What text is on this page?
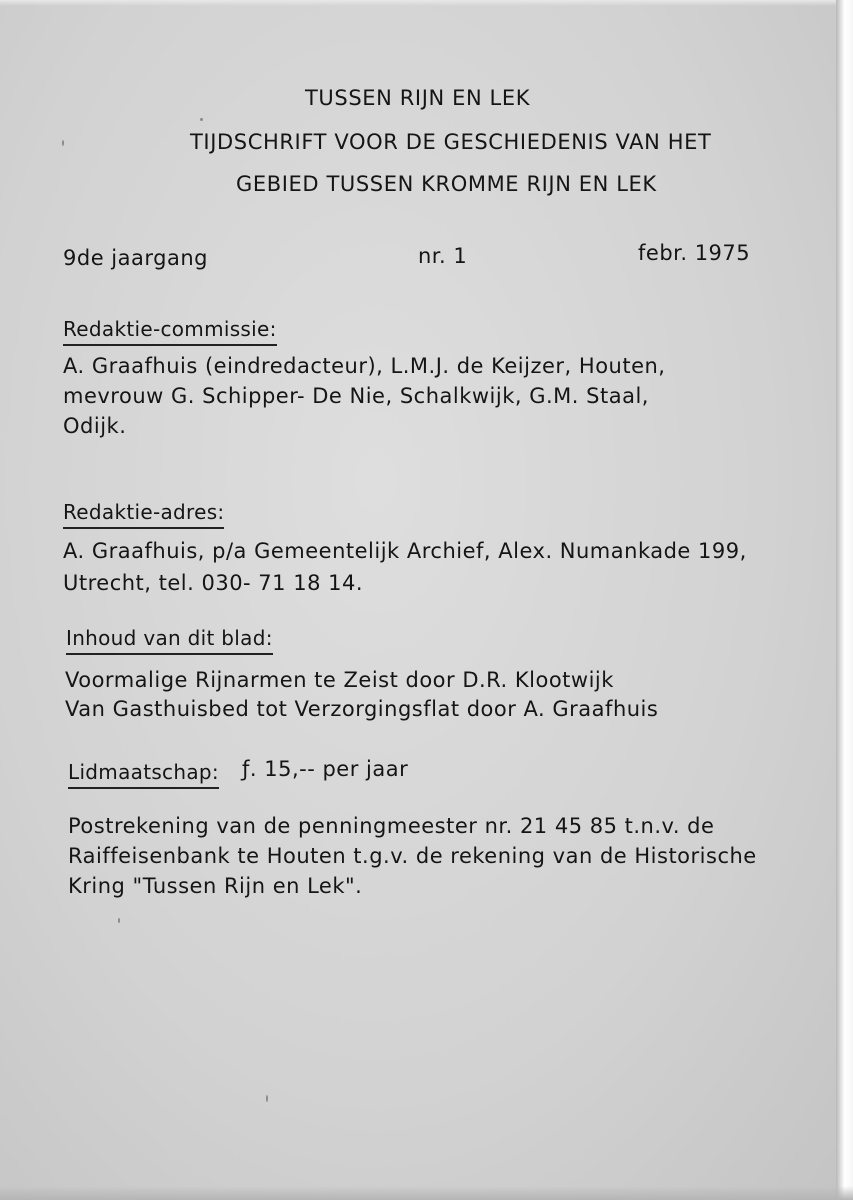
TUSSEN RIJN EN LEK
TIJDSCHRIFT VOOR DE GESCHIEDENIS VAN HET
GEBIED TUSSEN KROMME RIJN EN LEK
9de jaargang	nr. 1	febr. 1975
Redaktie-commissie:
A. Graafhuis (eindredacteur), L.M.J. de Keijzer, Houten,
mevrouw G. Schipper- De Nie, Schalkwijk, G.M. Staal,
Odijk.
Redaktie-adres:
A. Graafhuis, p/a Gemeentelijk Archief, Alex. Numankade 199,
Utrecht, tel. 030- 71 18 14.
Inhoud van dit blad:
Voormalige Rijnarmen te Zeist door D.R. Klootwijk
Van Gasthuisbed tot Verzorgingsflat door A. Graafhuis
Lidmaatschap: ƒ. 15,-- per jaar
Postrekening van de penningmeester nr. 21 45 85 t.n.v. de
Raiffeisenbank te Houten t.g.v. de rekening van de Historische
Kring "Tussen Rijn en Lek".
